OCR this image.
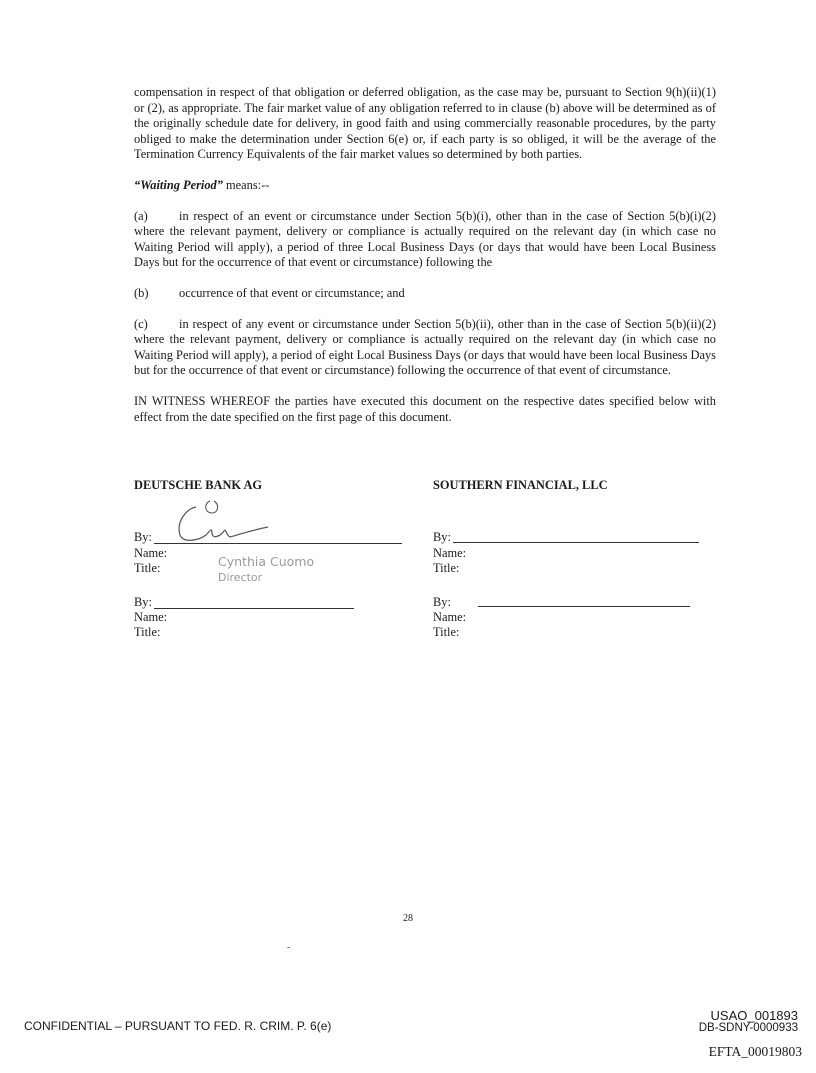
compensation in respect of that obligation or deferred obligation, as the case may be, pursuant to Section 9(h)(ii)(1) or (2), as appropriate. The fair market value of any obligation referred to in clause (b) above will be determined as of the originally schedule date for delivery, in good faith and using commercially reasonable procedures, by the party obliged to make the determination under Section 6(e) or, if each party is so obliged, it will be the average of the Termination Currency Equivalents of the fair market values so determined by both parties.

“Waiting Period” means:--

(a)	in respect of an event or circumstance under Section 5(b)(i), other than in the case of Section 5(b)(i)(2) where the relevant payment, delivery or compliance is actually required on the relevant day (in which case no Waiting Period will apply), a period of three Local Business Days (or days that would have been Local Business Days but for the occurrence of that event or circumstance) following the

(b) occurrence of that event or circumstance; and

(c)	in respect of any event or circumstance under Section 5(b)(ii), other than in the case of Section 5(b)(ii)(2) where the relevant payment, delivery or compliance is actually required on the relevant day (in which case no Waiting Period will apply), a period of eight Local Business Days (or days that would have been local Business Days but for the occurrence of that event or circumstance) following the occurrence of that event of circumstance.

IN WITNESS WHEREOF the parties have executed this document on the respective dates specified below with effect from the date specified on the first page of this document.

DEUTSCHE BANK AG
By:
Name:
Title:	Cynthia Cuomo
Director
By:
Name:
Title:
SOUTHERN FINANCIAL, LLC
By:
Name:
Title:
By:
Name:
Title:
28
-
CONFIDENTIAL – PURSUANT TO FED. R. CRIM. P. 6(e)
USAO_001893
DB-SDNY-0000933
EFTA_00019803
